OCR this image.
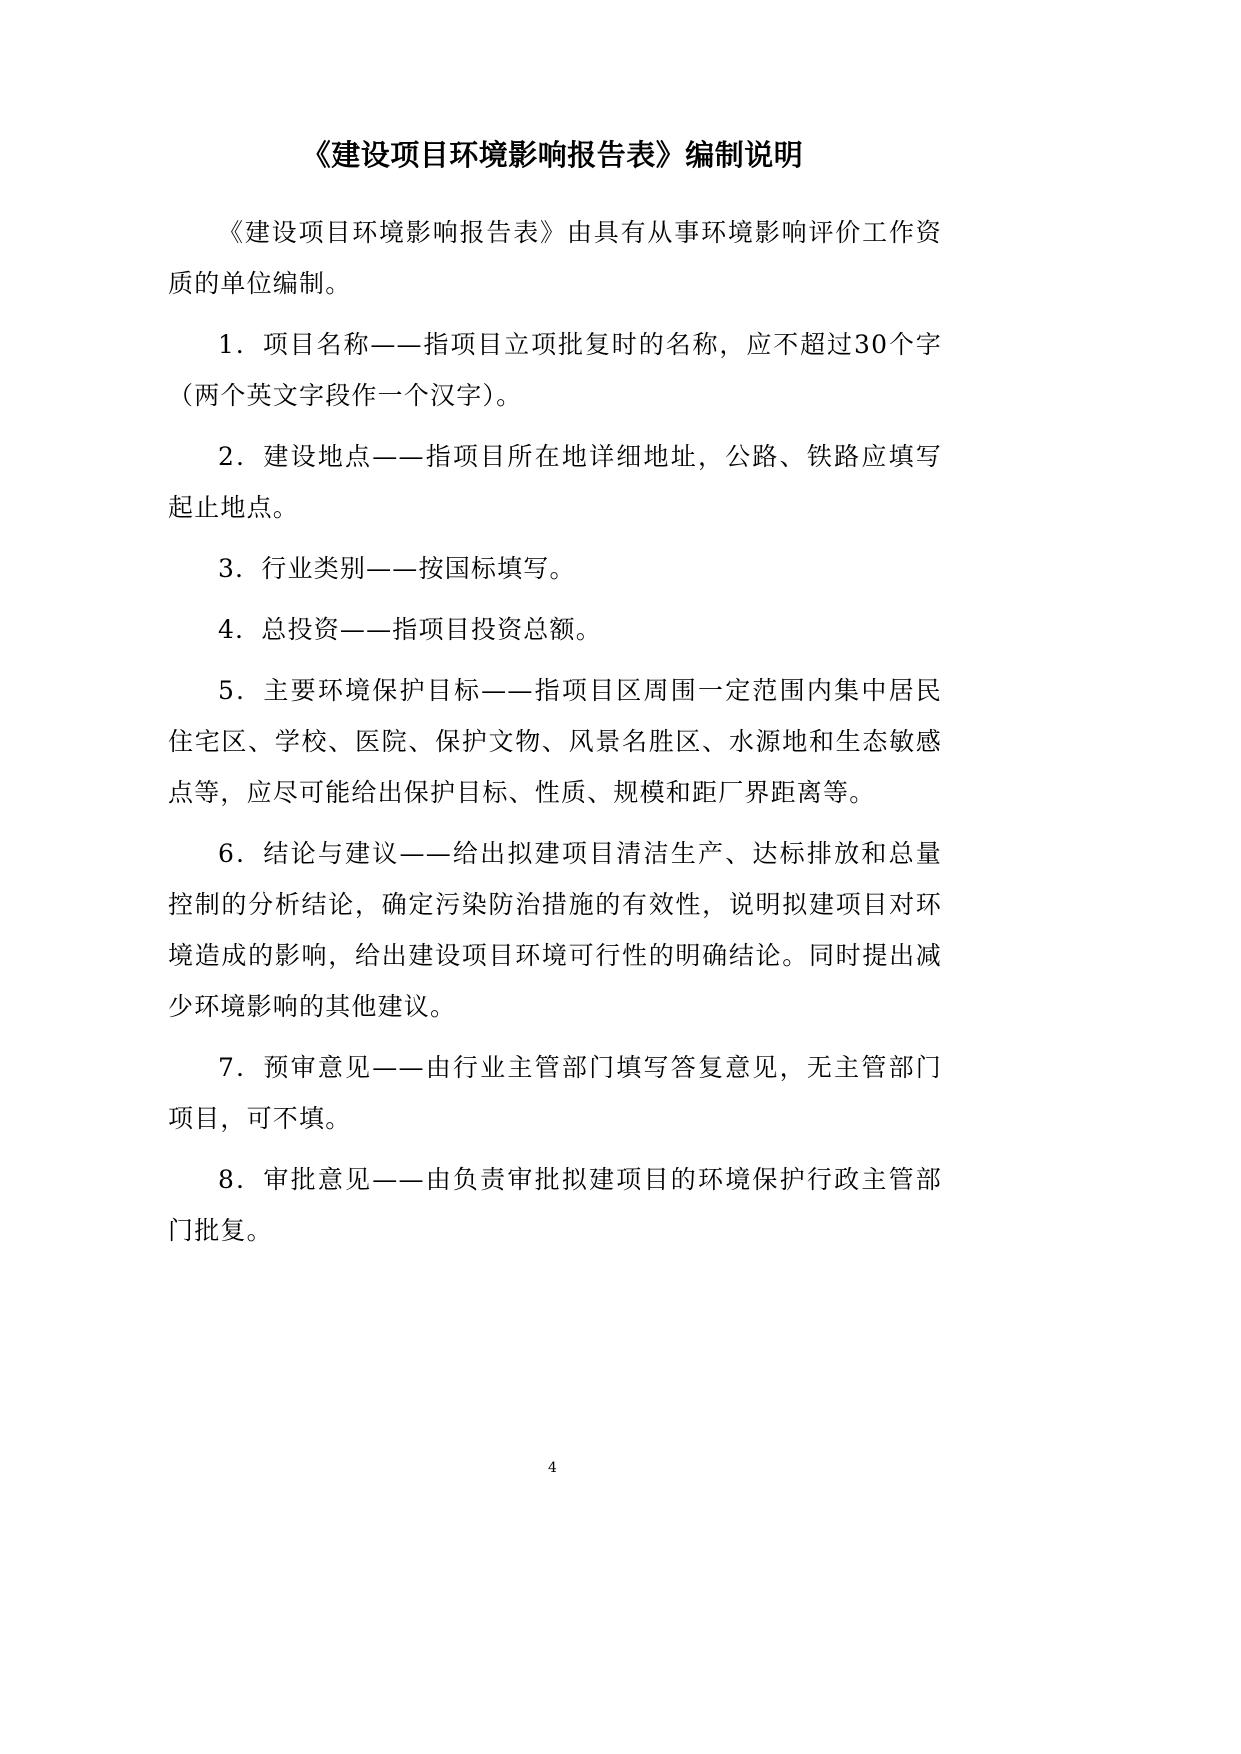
《建设项目环境影响报告表》编制说明

《建设项目环境影响报告表》由具有从事环境影响评价工作资质的单位编制。

1．项目名称——指项目立项批复时的名称，应不超过30个字（两个英文字段作一个汉字）。

2．建设地点——指项目所在地详细地址，公路、铁路应填写起止地点。

3．行业类别——按国标填写。

4．总投资——指项目投资总额。

5．主要环境保护目标——指项目区周围一定范围内集中居民住宅区、学校、医院、保护文物、风景名胜区、水源地和生态敏感点等，应尽可能给出保护目标、性质、规模和距厂界距离等。

6．结论与建议——给出拟建项目清洁生产、达标排放和总量控制的分析结论，确定污染防治措施的有效性，说明拟建项目对环境造成的影响，给出建设项目环境可行性的明确结论。同时提出减少环境影响的其他建议。

7．预审意见——由行业主管部门填写答复意见，无主管部门项目，可不填。

8．审批意见——由负责审批拟建项目的环境保护行政主管部门批复。

4
